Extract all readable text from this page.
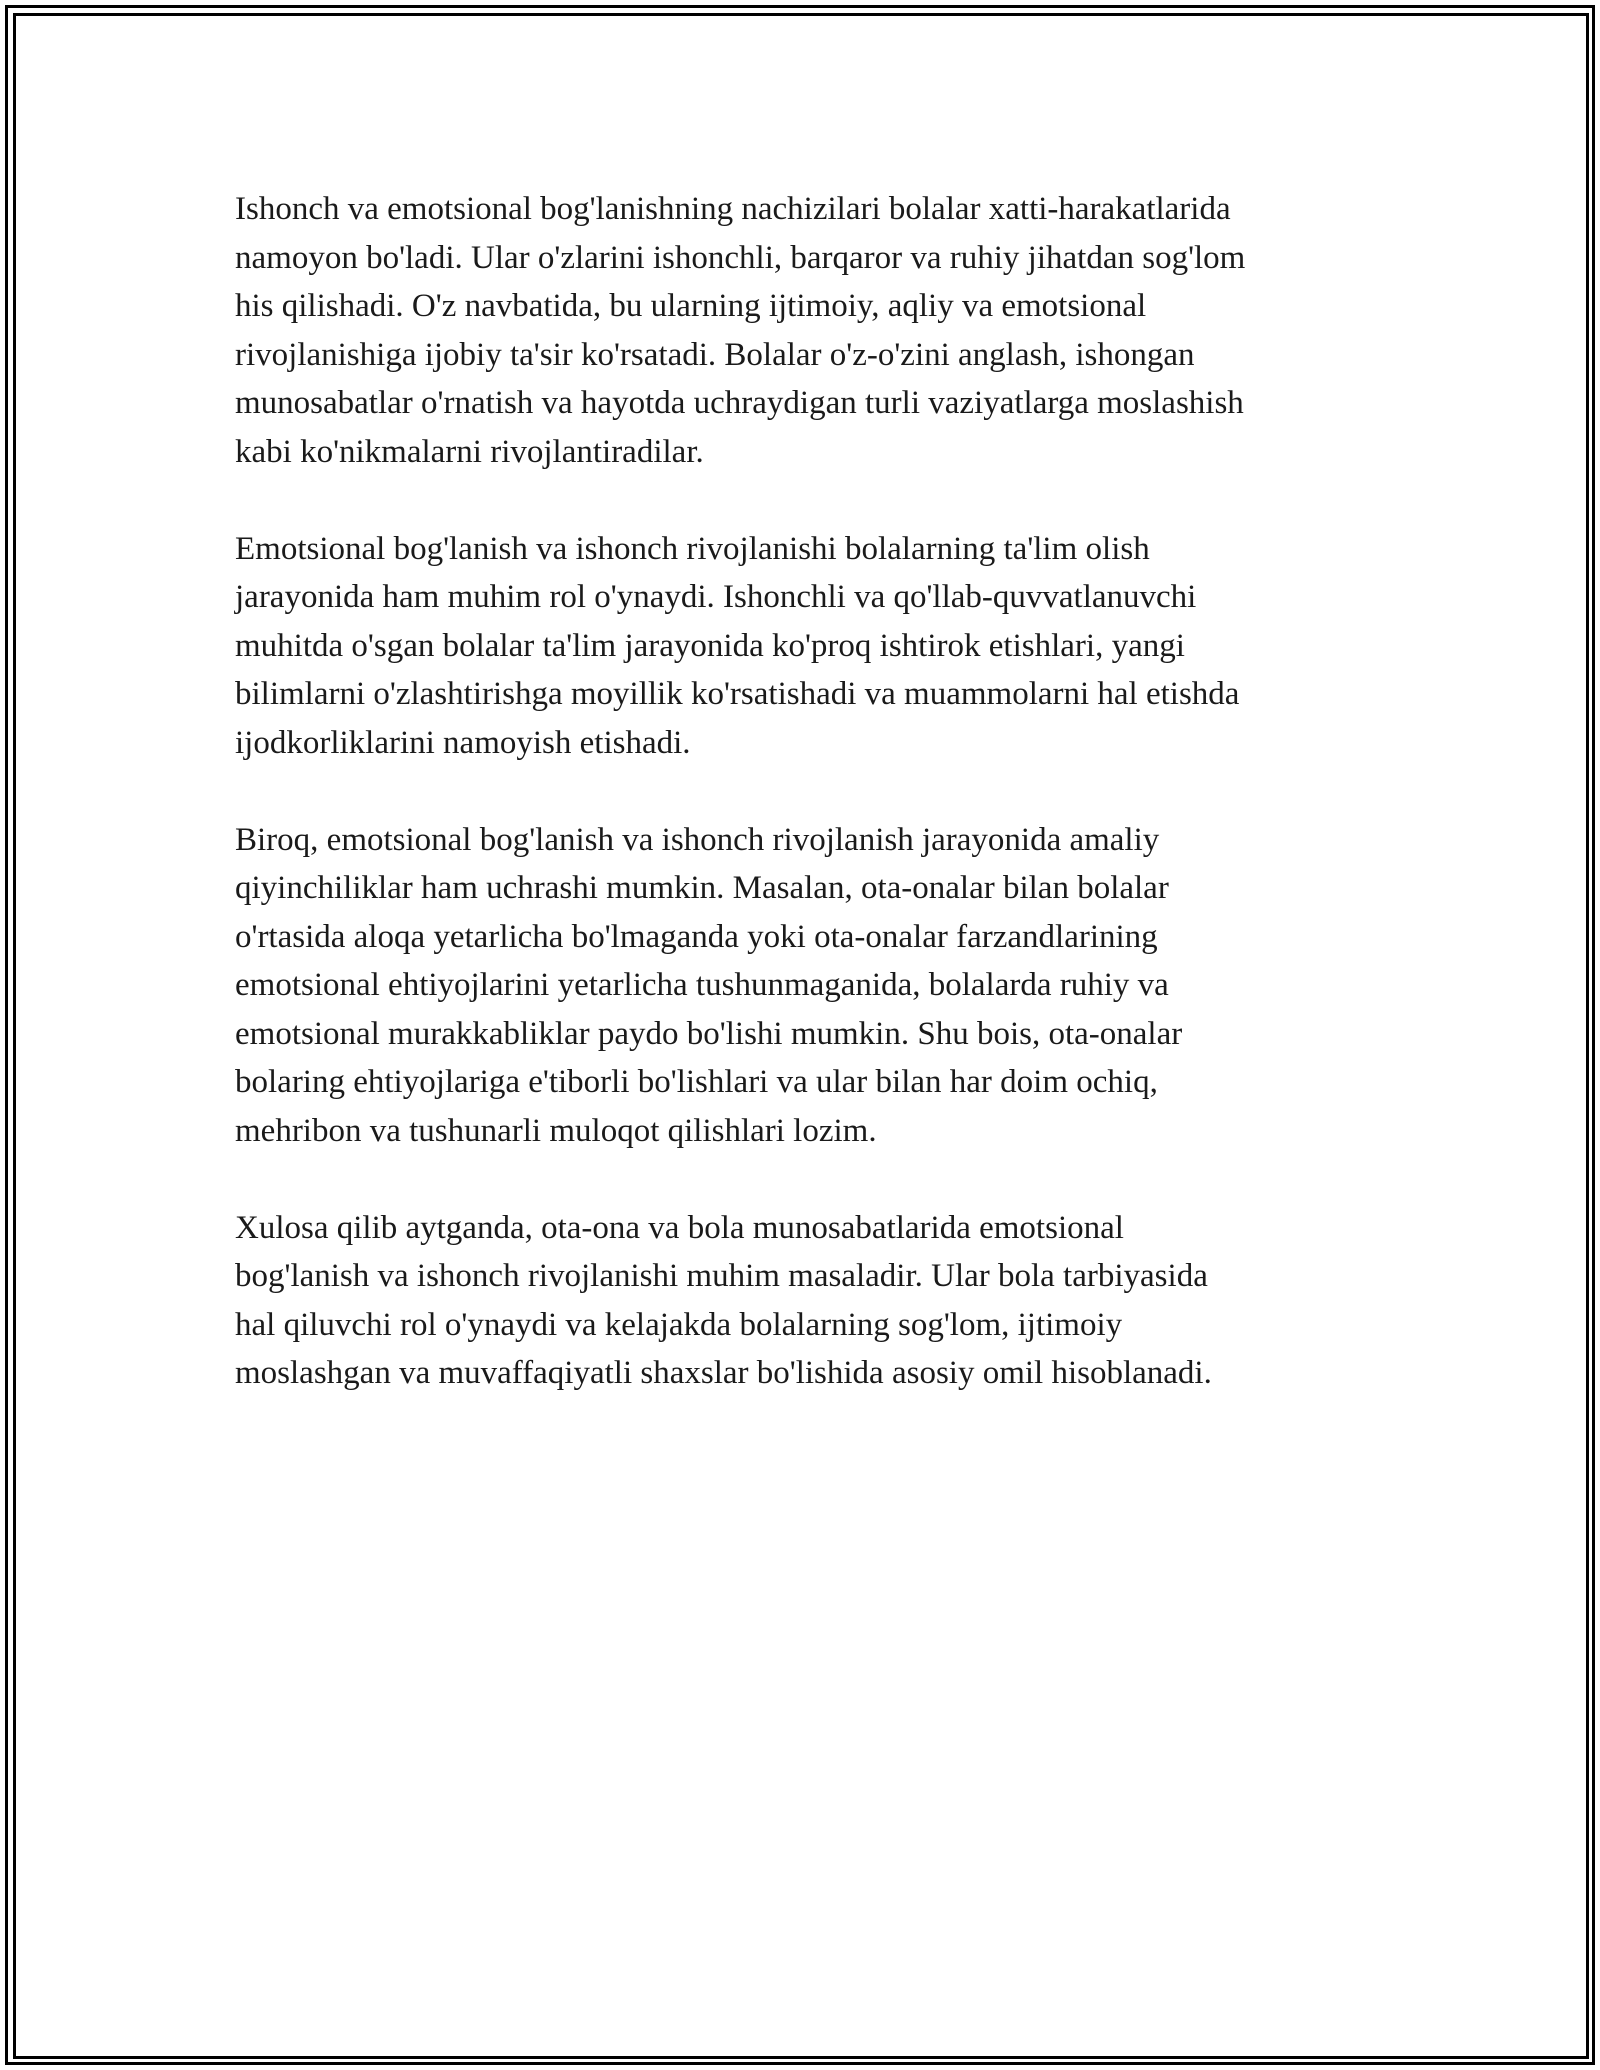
Ishonch va emotsional bog'lanishning nachizilari bolalar xatti-harakatlarida
namoyon bo'ladi. Ular o'zlarini ishonchli, barqaror va ruhiy jihatdan sog'lom
his qilishadi. O'z navbatida, bu ularning ijtimoiy, aqliy va emotsional
rivojlanishiga ijobiy ta'sir ko'rsatadi. Bolalar o'z-o'zini anglash, ishongan
munosabatlar o'rnatish va hayotda uchraydigan turli vaziyatlarga moslashish
kabi ko'nikmalarni rivojlantiradilar.

Emotsional bog'lanish va ishonch rivojlanishi bolalarning ta'lim olish
jarayonida ham muhim rol o'ynaydi. Ishonchli va qo'llab-quvvatlanuvchi
muhitda o'sgan bolalar ta'lim jarayonida ko'proq ishtirok etishlari, yangi
bilimlarni o'zlashtirishga moyillik ko'rsatishadi va muammolarni hal etishda
ijodkorliklarini namoyish etishadi.

Biroq, emotsional bog'lanish va ishonch rivojlanish jarayonida amaliy
qiyinchiliklar ham uchrashi mumkin. Masalan, ota-onalar bilan bolalar
o'rtasida aloqa yetarlicha bo'lmaganda yoki ota-onalar farzandlarining
emotsional ehtiyojlarini yetarlicha tushunmaganida, bolalarda ruhiy va
emotsional murakkabliklar paydo bo'lishi mumkin. Shu bois, ota-onalar
bolaring ehtiyojlariga e'tiborli bo'lishlari va ular bilan har doim ochiq,
mehribon va tushunarli muloqot qilishlari lozim.

Xulosa qilib aytganda, ota-ona va bola munosabatlarida emotsional
bog'lanish va ishonch rivojlanishi muhim masaladir. Ular bola tarbiyasida
hal qiluvchi rol o'ynaydi va kelajakda bolalarning sog'lom, ijtimoiy
moslashgan va muvaffaqiyatli shaxslar bo'lishida asosiy omil hisoblanadi.
